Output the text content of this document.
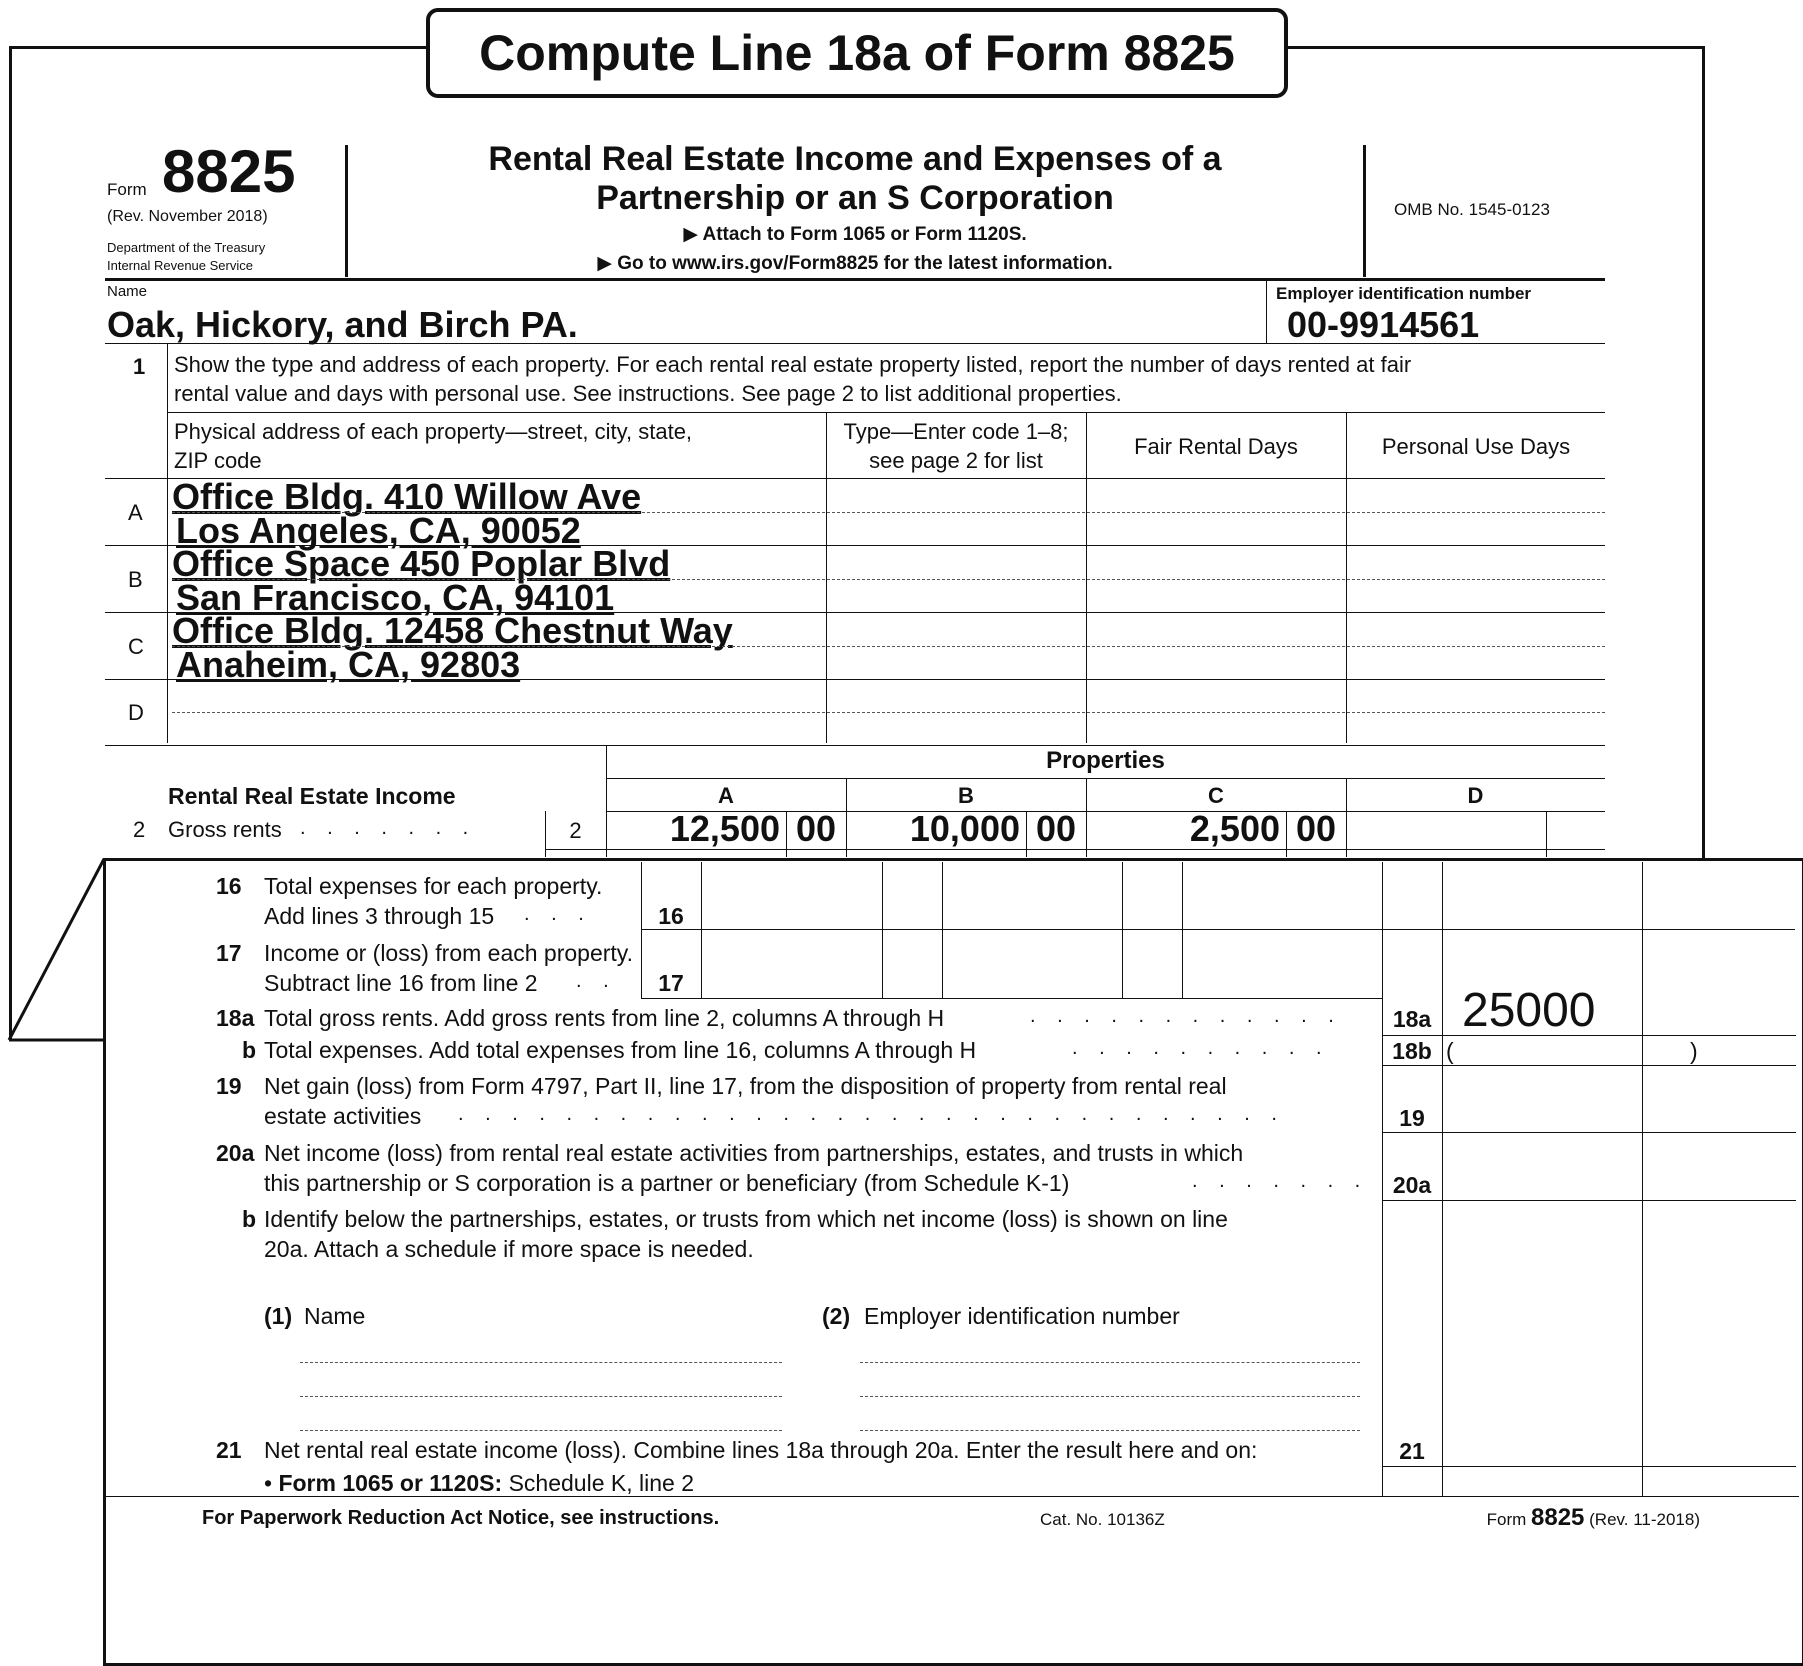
Compute Line 18a of Form 8825
Form 8825
(Rev. November 2018)
Department of the Treasury
Internal Revenue Service
Rental Real Estate Income and Expenses of a
Partnership or an S Corporation
▶ Attach to Form 1065 or Form 1120S.
▶ Go to www.irs.gov/Form8825 for the latest information.
OMB No. 1545-0123
Name
Oak, Hickory, and Birch PA.
Employer identification number
00-9914561
1 Show the type and address of each property. For each rental real estate property listed, report the number of days rented at fair
rental value and days with personal use. See instructions. See page 2 to list additional properties.
Physical address of each property—street, city, state,
ZIP code
Type—Enter code 1–8;
see page 2 for list
Fair Rental Days	Personal Use Days
A Office Bldg. 410 Willow Ave
Los Angeles, CA, 90052
B Office Space 450 Poplar Blvd
San Francisco, CA, 94101
C Office Bldg. 12458 Chestnut Way
Anaheim, CA, 92803
D
Properties
Rental Real Estate Income	A	B	C	D
2 Gross rents . . . . . . .	2	12,500 00	10,000 00	2,500 00
16 Total expenses for each property.
Add lines 3 through 15 . . .	16
17 Income or (loss) from each property.
Subtract line 16 from line 2 . .	17
18a Total gross rents. Add gross rents from line 2, columns A through H	. . . . . . . . . . . .	18a 25000
b Total expenses. Add total expenses from line 16, columns A through H	. . . . . . . . . .	18b (	)
19 Net gain (loss) from Form 4797, Part II, line 17, from the disposition of property from rental real
estate activities . . . . . . . . . . . . . . . . . . . . . . . . . . . . . . .	19
20a Net income (loss) from rental real estate activities from partnerships, estates, and trusts in which
this partnership or S corporation is a partner or beneficiary (from Schedule K-1)	. . . . . . .	20a
b Identify below the partnerships, estates, or trusts from which net income (loss) is shown on line
20a. Attach a schedule if more space is needed.
(1) Name	(2) Employer identification number
21 Net rental real estate income (loss). Combine lines 18a through 20a. Enter the result here and on:
• Form 1065 or 1120S: Schedule K, line 2
21
For Paperwork Reduction Act Notice, see instructions.	Cat. No. 10136Z	Form 8825 (Rev. 11-2018)
